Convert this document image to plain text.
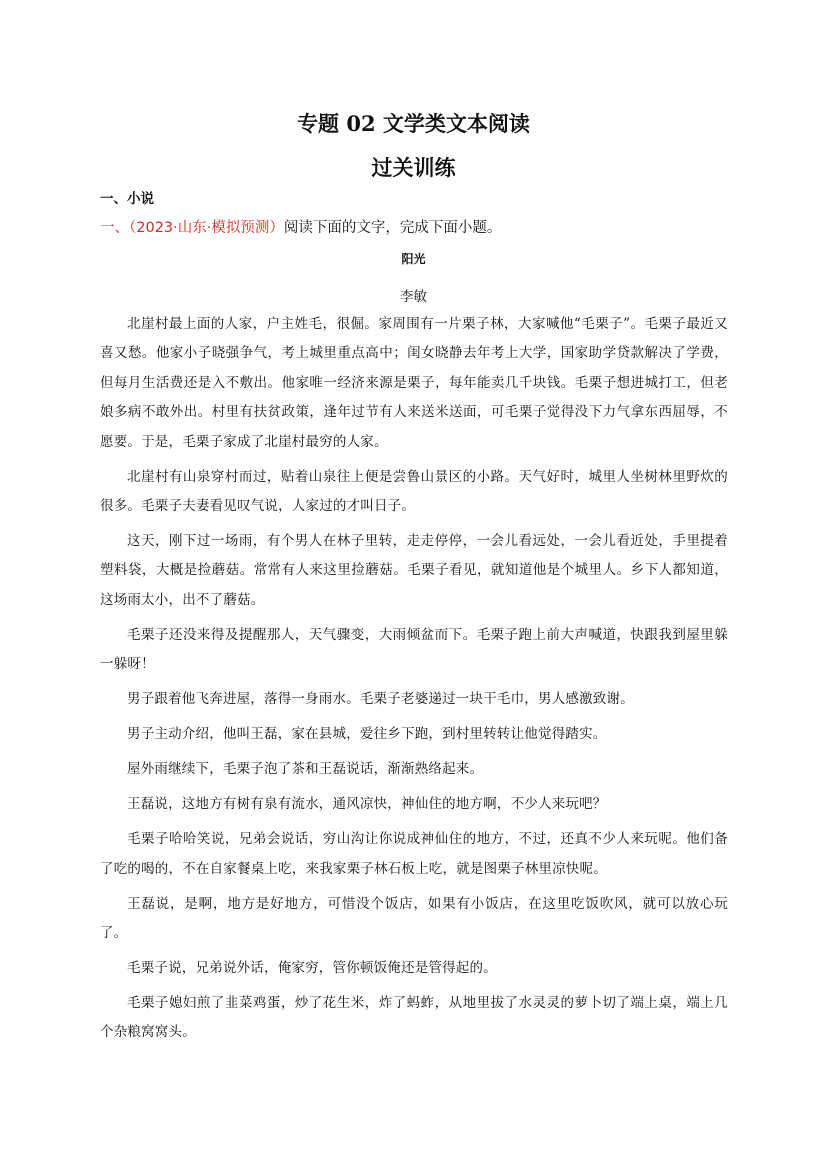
专题 02 文学类文本阅读
过关训练
一、小说
一、（2023·山东·模拟预测）阅读下面的文字，完成下面小题。
阳光
李敏

北崖村最上面的人家，户主姓毛，很倔。家周围有一片栗子林，大家喊他“毛栗子”。毛栗子最近又喜又愁。他家小子晓强争气，考上城里重点高中；闺女晓静去年考上大学，国家助学贷款解决了学费，但每月生活费还是入不敷出。他家唯一经济来源是栗子，每年能卖几千块钱。毛栗子想进城打工，但老娘多病不敢外出。村里有扶贫政策，逢年过节有人来送米送面，可毛栗子觉得没下力气拿东西屈辱，不愿要。于是，毛栗子家成了北崖村最穷的人家。

北崖村有山泉穿村而过，贴着山泉往上便是尝鲁山景区的小路。天气好时，城里人坐树林里野炊的很多。毛栗子夫妻看见叹气说，人家过的才叫日子。

这天，刚下过一场雨，有个男人在林子里转，走走停停，一会儿看远处，一会儿看近处，手里提着塑料袋，大概是捡蘑菇。常常有人来这里捡蘑菇。毛栗子看见，就知道他是个城里人。乡下人都知道，这场雨太小，出不了蘑菇。

毛栗子还没来得及提醒那人，天气骤变，大雨倾盆而下。毛栗子跑上前大声喊道，快跟我到屋里躲一躲呀！

男子跟着他飞奔进屋，落得一身雨水。毛栗子老婆递过一块干毛巾，男人感激致谢。

男子主动介绍，他叫王磊，家在县城，爱往乡下跑，到村里转转让他觉得踏实。

屋外雨继续下，毛栗子泡了茶和王磊说话，渐渐熟络起来。

王磊说，这地方有树有泉有流水，通风凉快，神仙住的地方啊，不少人来玩吧？

毛栗子哈哈笑说，兄弟会说话，穷山沟让你说成神仙住的地方，不过，还真不少人来玩呢。他们备了吃的喝的，不在自家餐桌上吃，来我家栗子林石板上吃，就是图栗子林里凉快呢。

王磊说，是啊，地方是好地方，可惜没个饭店，如果有小饭店，在这里吃饭吹风，就可以放心玩了。

毛栗子说，兄弟说外话，俺家穷，管你顿饭俺还是管得起的。

毛栗子媳妇煎了韭菜鸡蛋，炒了花生米，炸了蚂蚱，从地里拔了水灵灵的萝卜切了端上桌，端上几个杂粮窝窝头。
